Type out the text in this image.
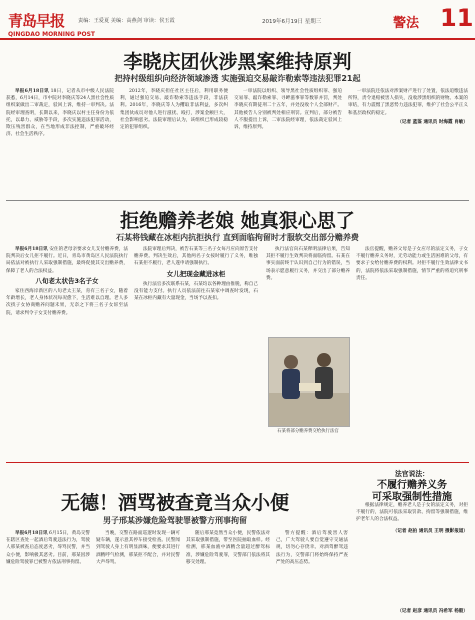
青岛早报
QINGDAO MORNING POST
责编：王爱夏 美编：高燕剑 审读：侯玉霞	2019年6月19日 星期三	警法 11
李晓庆团伙涉黑案维持原判
把持村级组织向经济领域渗透 实施强迫交易敲诈勒索等违法犯罪21起

早报6月18日讯 18日，记者从市中级人民法院获悉，6月14日，市中院对李晓庆等24人黑社会性质组织案做出二审裁定，驳回上诉，维持一审判决。法院经审理查明，长期以来，李晓庆以村主任身份为依托，以暴力、威胁等手段，多次实施违法犯罪活动，欺压残害群众，在当地形成非法控制，严重破坏经济、社会生活秩序。

2012年，李晓庆担任社区主任后，利用职务便利，通过强迫交易、敲诈勒索等违法手段，非法获利。2016年，李晓庆等人为攫取非法利益，多次纠集团伙成员对他人进行滋扰、殴打，涉案金额巨大，社会影响恶劣。法院审理后认为，该组织已形成较稳定的犯罪组织。

一审法院以组织、领导黑社会性质组织罪、强迫交易罪、敲诈勒索罪、寻衅滋事罪等数罪并罚，判处李晓庆有期徒刑二十五年，并处没收个人全部财产。其他被告人分别被判处相应刑罚。宣判后，部分被告人不服提出上诉，二审法院经审理，依法裁定驳回上诉，维持原判。

一审法院还依法对涉案财产进行了处置，依法追缴违法所得，责令退赔被害人损失，没收涉黑组织的财物。本案的审结，有力震慑了黑恶势力违法犯罪，维护了社会公平正义和基层政权的稳定。

（记者 蓝鉴 通讯员 时海霞 肖敏）
拒绝赡养老娘 她真狠心思了
石某将钱藏在冰柜内抗拒执行 直到面临拘留时才服软交出部分赡养费

早报6月18日讯 安住的老母亲要求女儿支付赡养费，法院判决后女儿拒不履行。近日，青岛市黄岛区人民法院执行局依法对被执行人采取强制措施，最终促使其交出赡养费，保障了老人的合法权益。

八旬老太状告3名子女

家住西海岸新区的八旬老太王某，育有三名子女，随着年龄增长，老人身体状况每况愈下，生活难以自理。老人多次找子女协商赡养问题未果，无奈之下将三名子女诉至法院，请求判令子女支付赡养费。

法院审理后判决，被告石某等三名子女每月应向原告支付赡养费。判决生效后，其他两名子女按时履行了义务，唯独石某拒不履行，老人遂申请强制执行。

女儿把现金藏进冰柜

执行法官多次联系石某，石某均以各种理由推脱，称自己没有能力支付。执行人员依法前往石某家中调查时发现，石某在冰柜内藏有大量现金，当场予以查扣。

执行法官向石某释明法律后果，告知其拒不履行生效判决将面临拘留。石某在事实面前终于认识到自己行为的错误，当场表示愿意履行义务，并交出了部分赡养费。

石某将部分赡养费交给执行法官

法官提醒，赡养父母是子女应尽的法定义务，子女不履行赡养义务时，无劳动能力或生活困难的父母，有要求子女给付赡养费的权利。对拒不履行生效法律文书的，法院将依法采取强制措施，情节严重的将追究刑事责任。

法官说法：
不履行赡养义务
可采取强制性措施

根据法律规定，赡养老人是子女的法定义务，对拒不履行的，法院可依法采取罚款、拘留等强制措施，维护老年人的合法权益。

（记者 赵拍 通讯员 王明 摄影报道）
无德！酒骂被查竟当众小便
男子邢某涉嫌危险驾驶罪被警方刑事拘留

早报6月18日讯 6月15日，黄岛交警在辖区查处一起酒后驾驶违法行为，驾驶人邢某被查后态度恶劣，辱骂民警，并当众小便，影响极其恶劣。目前，邢某因涉嫌危险驾驶罪已被警方依法刑事拘留。

当晚，交警在路面巡逻时发现一辆可疑车辆，遂示意其停车接受检查。民警闻到驾驶人身上有明显酒味，便要求其进行酒精呼气检测，邢某拒不配合，并对民警大声辱骂。

随后邢某竟然当众小便，民警依法对其采取强制措施，带至医院抽取血样。经检测，邢某血液中酒精含量超过醉驾标准，涉嫌危险驾驶罪，交警部门依法将其移交处理。

警方提醒：酒后驾驶害人害己，广大驾驶人要自觉遵守交通法规，切勿心存侥幸。对酒驾醉驾违法行为，交警部门将始终保持严查严处的高压态势。

（记者 赵彦 通讯员 冯希军 杨毅）
